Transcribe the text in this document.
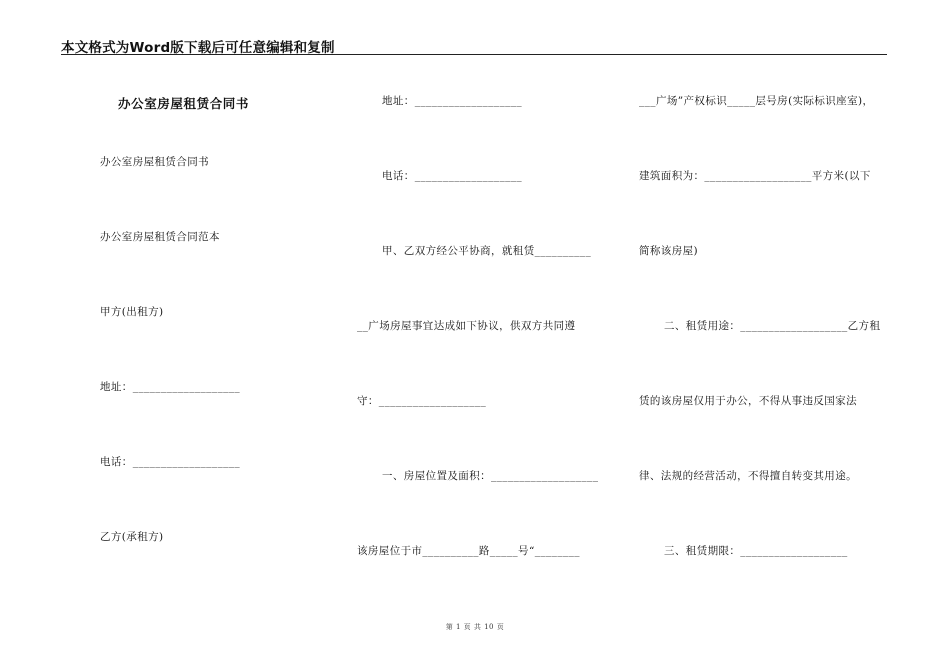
本文格式为Word版下载后可任意编辑和复制
办公室房屋租赁合同书
办公室房屋租赁合同书
办公室房屋租赁合同范本
甲方(出租方)
地址：___________________
电话：___________________
乙方(承租方)
地址：___________________
电话：___________________
甲、乙双方经公平协商，就租赁__________
__广场房屋事宜达成如下协议，供双方共同遵
守：___________________
一、房屋位置及面积：___________________
该房屋位于市__________路_____号“________
___广场”产权标识_____层号房(实际标识座室)，
建筑面积为：___________________平方米(以下
简称该房屋)
二、租赁用途：___________________乙方租
赁的该房屋仅用于办公，不得从事违反国家法
律、法规的经营活动，不得擅自转变其用途。
三、租赁期限：___________________
第 1 页 共 10 页
